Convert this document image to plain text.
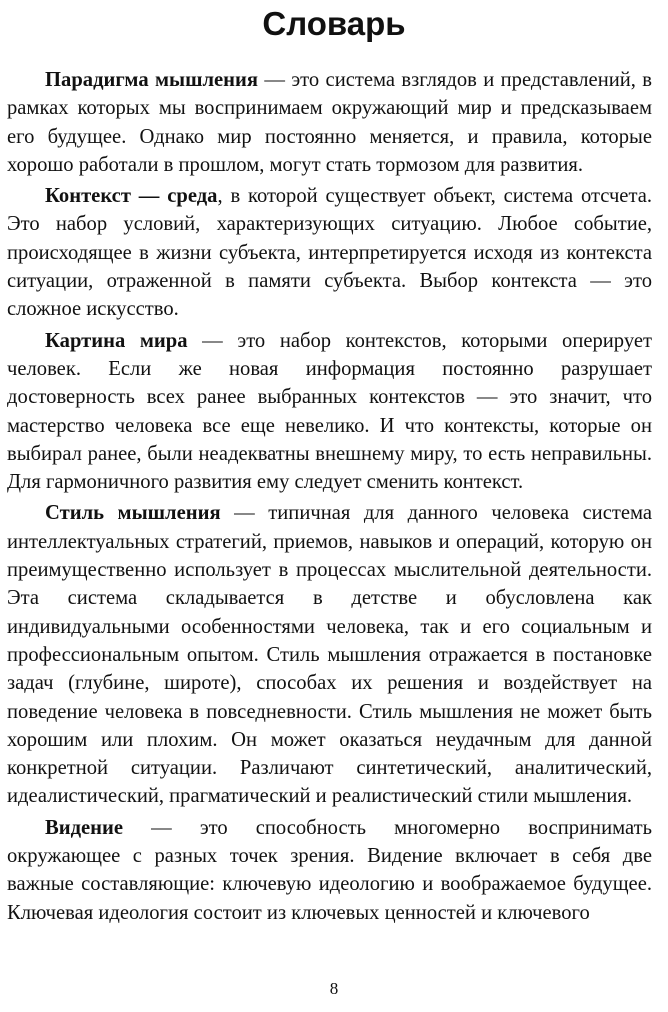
Словарь

Парадигма мышления — это система взглядов и представлений, в рамках которых мы воспринимаем окружающий мир и предсказываем его будущее. Однако мир постоянно меняется, и правила, которые хорошо работали в прошлом, могут стать тормозом для развития.

Контекст — среда, в которой существует объект, система отсчета. Это набор условий, характеризующих ситуацию. Любое событие, происходящее в жизни субъекта, интерпретируется исходя из контекста ситуации, отраженной в памяти субъекта. Выбор контекста — это сложное искусство.

Картина мира — это набор контекстов, которыми оперирует человек. Если же новая информация постоянно разрушает достоверность всех ранее выбранных контекстов — это значит, что мастерство человека все еще невелико. И что контексты, которые он выбирал ранее, были неадекватны внешнему миру, то есть неправильны. Для гармоничного развития ему следует сменить контекст.

Стиль мышления — типичная для данного человека система интеллектуальных стратегий, приемов, навыков и операций, которую он преимущественно использует в процессах мыслительной деятельности. Эта система складывается в детстве и обусловлена как индивидуальными особенностями человека, так и его социальным и профессиональным опытом. Стиль мышления отражается в постановке задач (глубине, широте), способах их решения и воздействует на поведение человека в повседневности. Стиль мышления не может быть хорошим или плохим. Он может оказаться неудачным для данной конкретной ситуации. Различают синтетический, аналитический, идеалистический, прагматический и реалистический стили мышления.

Видение — это способность многомерно воспринимать окружающее с разных точек зрения. Видение включает в себя две важные составляющие: ключевую идеологию и воображаемое будущее. Ключевая идеология состоит из ключевых ценностей и ключевого

8
